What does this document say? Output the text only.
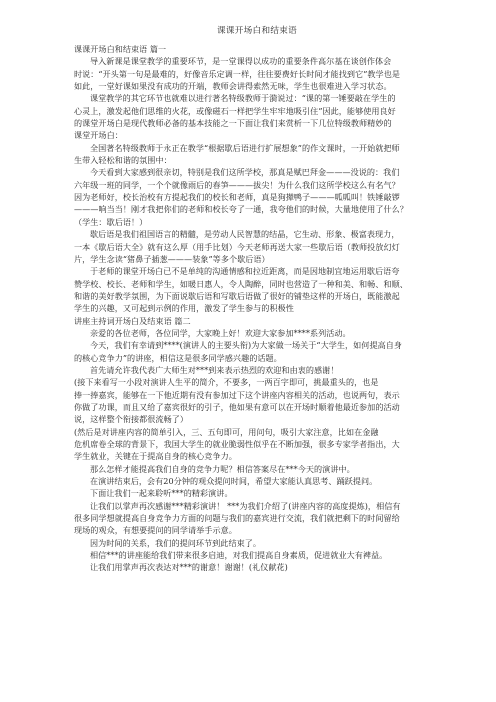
课课开场白和结束语
课课开场白和结束语 篇一
导入新课是课堂教学的重要环节，是一堂课得以成功的重要条件高尔基在谈创作体会
时说：“开头第一句是最难的，好像音乐定调一样，往往要费好长时间才能找到它”教学也是
如此，一堂好课如果没有成功的开端，教师会讲得索然无味，学生也很难进入学习状态。
课堂教学的其它环节也就难以进行著名特级教师于漪说过：“课的第一锤要敲在学生的
心灵上，激发起他们思维的火花，或像磁石一样把学生牢牢地吸引住”因此，能够使用良好
的课堂开场白是现代教师必备的基本技能之一下面让我们来赏析一下几位特级教师精妙的
课堂开场白：
全国著名特级教师于永正在教学“根据歇后语进行扩展想象”的作文课时，一开始就把师
生带入轻松和谐的氛围中：
今天看到大家感到很亲切，特别是我们这所学校，那真是赋巴拜金———没说的：我们
六年级一班的同学，一个个就像雨后的春笋———拔尖！为什么我们这所学校这么有名气？
因为老师好，校长治校有方提起我们的校长和老师，真是狗撵鸭子———呱呱叫！铁锤敲锣
———响当当！刚才我把你们的老师和校长夸了一通，我夸他们的时候，大量地使用了什么？
（学生：歇后语！）
歇后语是我们祖国语言的精髓，是劳动人民智慧的结晶，它生动、形象、极富表现力，
一本《歇后语大全》就有这么厚（用手比划）今天老师再送大家一些歇后语（教师投放幻灯
片，学生念读“猪鼻子插葱———装象”等多个歇后语）
于老师的课堂开场白已不是单纯的沟通情感和拉近距离，而是因地制宜地运用歇后语夸
赞学校、校长、老师和学生，如暖日惠人，令人陶醉，同时也营造了一种和美、和畅、和顺、
和谐的美好教学氛围，为下面说歇后语和写歇后语做了很好的铺垫这样的开场白，既能激起
学生的兴趣，又可起到示例的作用，激发了学生参与的积极性
讲座主持词开场白及结束语 篇二
亲爱的各位老师，各位同学，大家晚上好！欢迎大家参加****系列活动。
今天，我们有幸请到****(演讲人的主要头衔)为大家做一场关于“大学生，如何提高自身
的核心竞争力”的讲座，相信这是很多同学感兴趣的话题。
首先请允许我代表广大师生对***到来表示热烈的欢迎和由衷的感谢！
(接下来看写一小段对演讲人生平的简介，不要多，一两百字即可，挑最重头的，也是
捧一捧嘉宾，能够在一下他近期有没有参加过下这个讲座内容相关的活动，也说两句，表示
你做了功课，而且又给了嘉宾很好的引子，他如果有意可以在开场时顺着他最近参加的活动
说，这样整个衔接都很流畅了）
(然后是对讲座内容的简单引入，三、五句即可，用问句，吸引大家注意，比如在金融
危机席卷全球的背景下，我国大学生的就业脆弱性似乎在不断加强，很多专家学者指出，大
学生就业，关键在于提高自身的核心竞争力。
那么怎样才能提高我们自身的竞争力呢？相信答案尽在***今天的演讲中。
在演讲结束后，会有20分钟的观众提问时间，希望大家能认真思考、踊跃提问。
下面让我们一起来聆听***的精彩演讲。
让我们以掌声再次感谢***精彩演讲！ ***为我们介绍了(讲座内容的高度提炼)，相信有
很多同学想就提高自身竞争力方面的问题与我们的嘉宾进行交流，我们就把剩下的时间留给
现场的观众，有想要提问的同学请举手示意。
因为时间的关系，我们的提问环节到此结束了。
相信***的讲座能给我们带来很多启迪，对我们提高自身素质，促进就业大有裨益。
让我们用掌声再次表达对***的谢意！谢谢！(礼仪献花)
